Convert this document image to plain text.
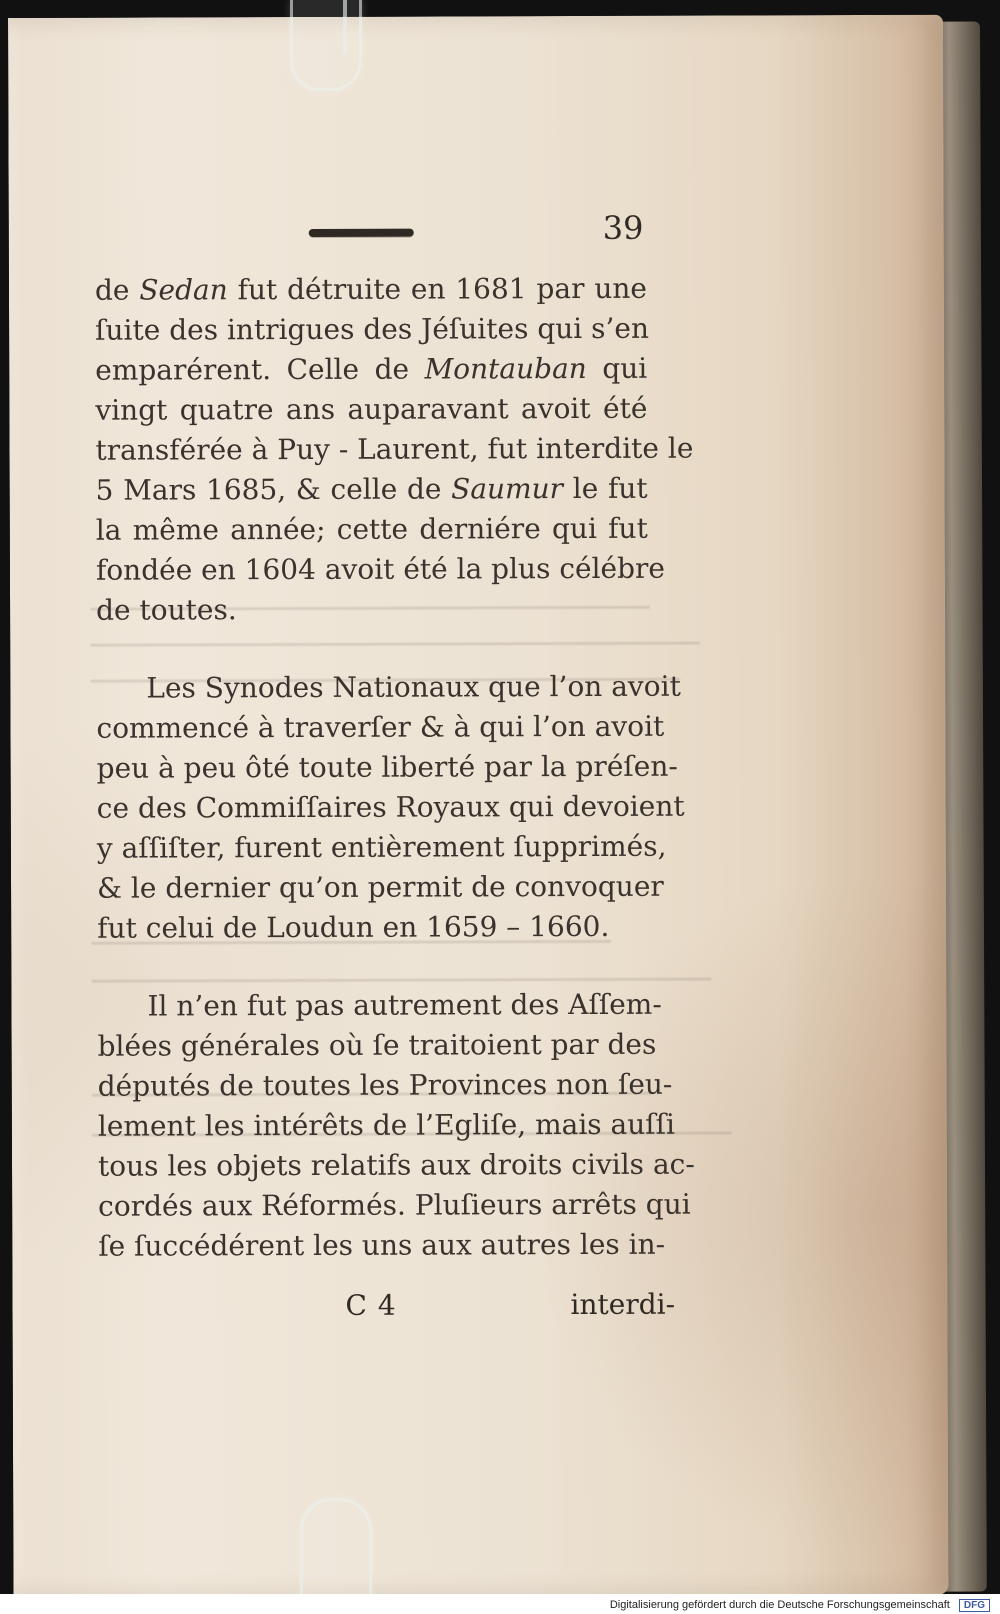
39
de Sedan fut détruite en 1681 par une
ſuite des intrigues des Jéſuites qui s’en
emparérent. Celle de Montauban qui
vingt quatre ans auparavant avoit été
transférée à Puy - Laurent, fut interdite le
5 Mars 1685, & celle de Saumur le fut
la même année; cette derniére qui fut
fondée en 1604 avoit été la plus célébre
de toutes.
Les Synodes Nationaux que l’on avoit
commencé à traverſer & à qui l’on avoit
peu à peu ôté toute liberté par la préſen-
ce des Commiſſaires Royaux qui devoient
y aſſiſter, furent entièrement ſupprimés,
& le dernier qu’on permit de convoquer
fut celui de Loudun en 1659 – 1660.
Il n’en fut pas autrement des Aſſem-
blées générales où ſe traitoient par des
députés de toutes les Provinces non ſeu-
lement les intérêts de l’Egliſe, mais auſſi
tous les objets relatifs aux droits civils ac-
cordés aux Réformés. Pluſieurs arrêts qui
ſe ſuccédérent les uns aux autres les in-
C 4	interdi-
Digitalisierung gefördert durch die Deutsche Forschungsgemeinschaft DFG
